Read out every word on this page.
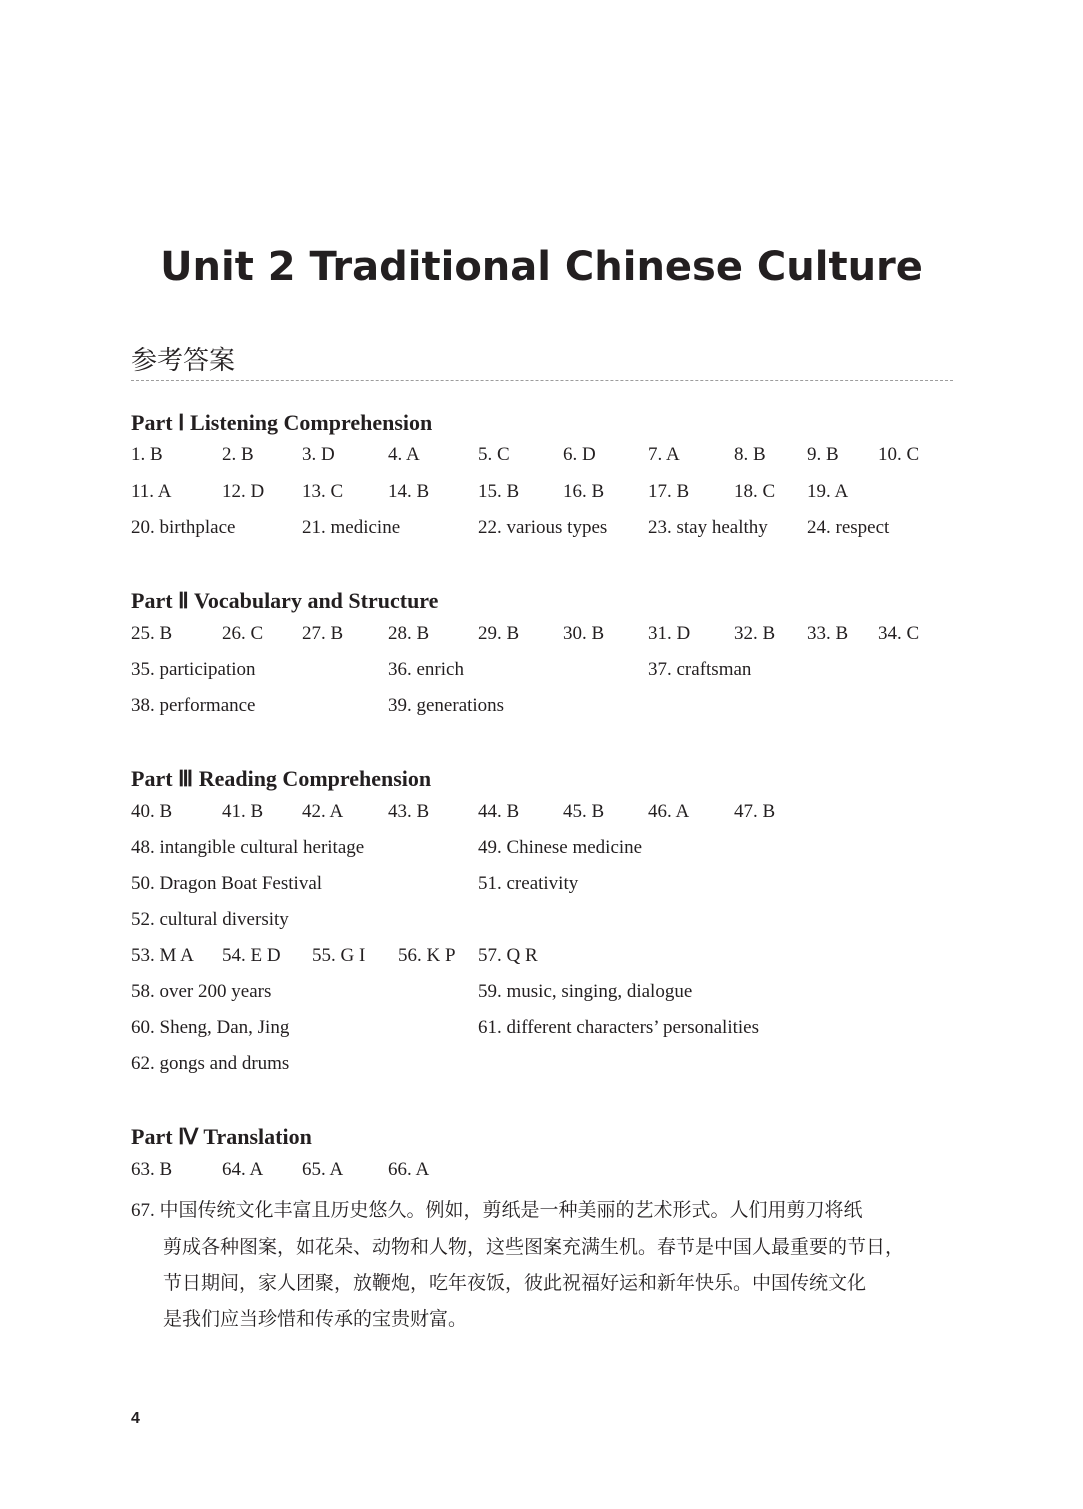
Unit 2 Traditional Chinese Culture
参考答案
Part Ⅰ Listening Comprehension
1. B	2. B	3. D	4. A	5. C	6. D	7. A	8. B 9. B 10. C
11. A	12. D 13. C 14. B	15. B 16. B 17. B 18. C 19. A
20. birthplace	21. medicine	22. various types 23. stay healthy 24. respect
Part Ⅱ Vocabulary and Structure
25. B	26. C 27. B 28. B	29. B 30. B 31. D 32. B 33. B 34. C
35. participation	36. enrich	37. craftsman
38. performance	39. generations
Part Ⅲ Reading Comprehension
40. B	41. B 42. A 43. B	44. B 45. B 46. A 47. B
48. intangible cultural heritage	49. Chinese medicine
50. Dragon Boat Festival	51. creativity
52. cultural diversity
53. M A 54. E D 55. G I 56. K P 57. Q R
58. over 200 years	59. music, singing, dialogue
60. Sheng, Dan, Jing	61. different characters’ personalities
62. gongs and drums
Part Ⅳ Translation
63. B	64. A 65. A 66. A
67. 中国传统文化丰富且历史悠久。例如，剪纸是一种美丽的艺术形式。人们用剪刀将纸
剪成各种图案，如花朵、动物和人物，这些图案充满生机。春节是中国人最重要的节日，
节日期间，家人团聚，放鞭炮，吃年夜饭，彼此祝福好运和新年快乐。中国传统文化
是我们应当珍惜和传承的宝贵财富。
4
